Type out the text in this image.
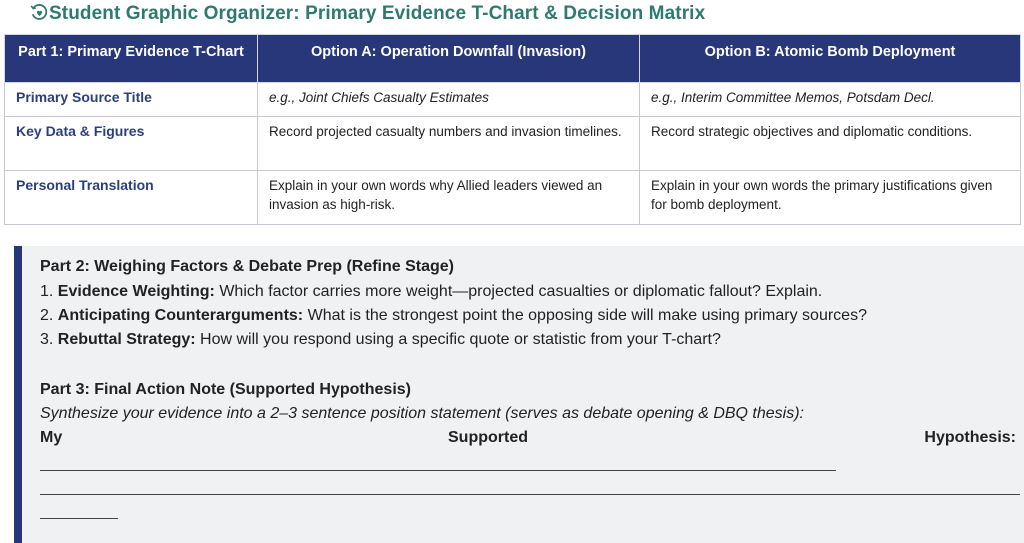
Student Graphic Organizer: Primary Evidence T-Chart & Decision Matrix
Part 1: Primary Evidence T-Chart	Option A: Operation Downfall (Invasion)	Option B: Atomic Bomb Deployment
Primary Source Title	e.g., Joint Chiefs Casualty Estimates	e.g., Interim Committee Memos, Potsdam Decl.
Key Data & Figures	Record projected casualty numbers and invasion timelines.	Record strategic objectives and diplomatic conditions.
Personal Translation	Explain in your own words why Allied leaders viewed an invasion as high-risk.	Explain in your own words the primary justifications given for bomb deployment.
Part 2: Weighing Factors & Debate Prep (Refine Stage)
1. Evidence Weighting: Which factor carries more weight—projected casualties or diplomatic fallout? Explain.
2. Anticipating Counterarguments: What is the strongest point the opposing side will make using primary sources?
3. Rebuttal Strategy: How will you respond using a specific quote or statistic from your T-chart?
Part 3: Final Action Note (Supported Hypothesis)
Synthesize your evidence into a 2–3 sentence position statement (serves as debate opening & DBQ thesis):
My	Supported	Hypothesis:
